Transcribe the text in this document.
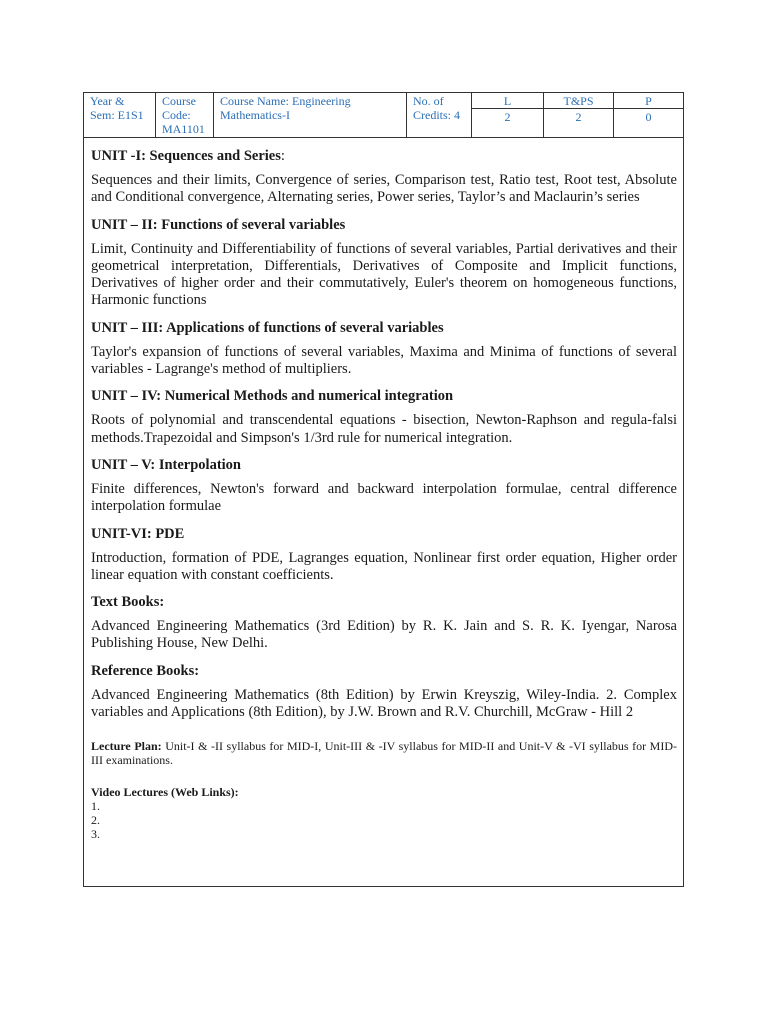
Year &
Sem: E1S1
Course
Code:
MA1101
Course Name: Engineering
Mathematics-I
No. of
Credits: 4
L
2
T&PS
2
P
0

UNIT -I: Sequences and Series:

Sequences and their limits, Convergence of series, Comparison test, Ratio test, Root test, Absolute and Conditional convergence, Alternating series, Power series, Taylor’s and Maclaurin’s series

UNIT – II: Functions of several variables

Limit, Continuity and Differentiability of functions of several variables, Partial derivatives and their geometrical interpretation, Differentials, Derivatives of Composite and Implicit functions, Derivatives of higher order and their commutatively, Euler's theorem on homogeneous functions, Harmonic functions

UNIT – III: Applications of functions of several variables

Taylor's expansion of functions of several variables, Maxima and Minima of functions of several variables - Lagrange's method of multipliers.

UNIT – IV: Numerical Methods and numerical integration

Roots of polynomial and transcendental equations - bisection, Newton-Raphson and regula-falsi methods.Trapezoidal and Simpson's 1/3rd rule for numerical integration.

UNIT – V: Interpolation

Finite differences, Newton's forward and backward interpolation formulae, central difference interpolation formulae

UNIT-VI: PDE

Introduction, formation of PDE, Lagranges equation, Nonlinear first order equation, Higher order linear equation with constant coefficients.

Text Books:

Advanced Engineering Mathematics (3rd Edition) by R. K. Jain and S. R. K. Iyengar, Narosa Publishing House, New Delhi.

Reference Books:

Advanced Engineering Mathematics (8th Edition) by Erwin Kreyszig, Wiley-India. 2. Complex variables and Applications (8th Edition), by J.W. Brown and R.V. Churchill, McGraw - Hill 2

Lecture Plan: Unit-I & -II syllabus for MID-I, Unit-III & -IV syllabus for MID-II and Unit-V & -VI syllabus for MID-III examinations.

Video Lectures (Web Links):

1.

2.

3.
